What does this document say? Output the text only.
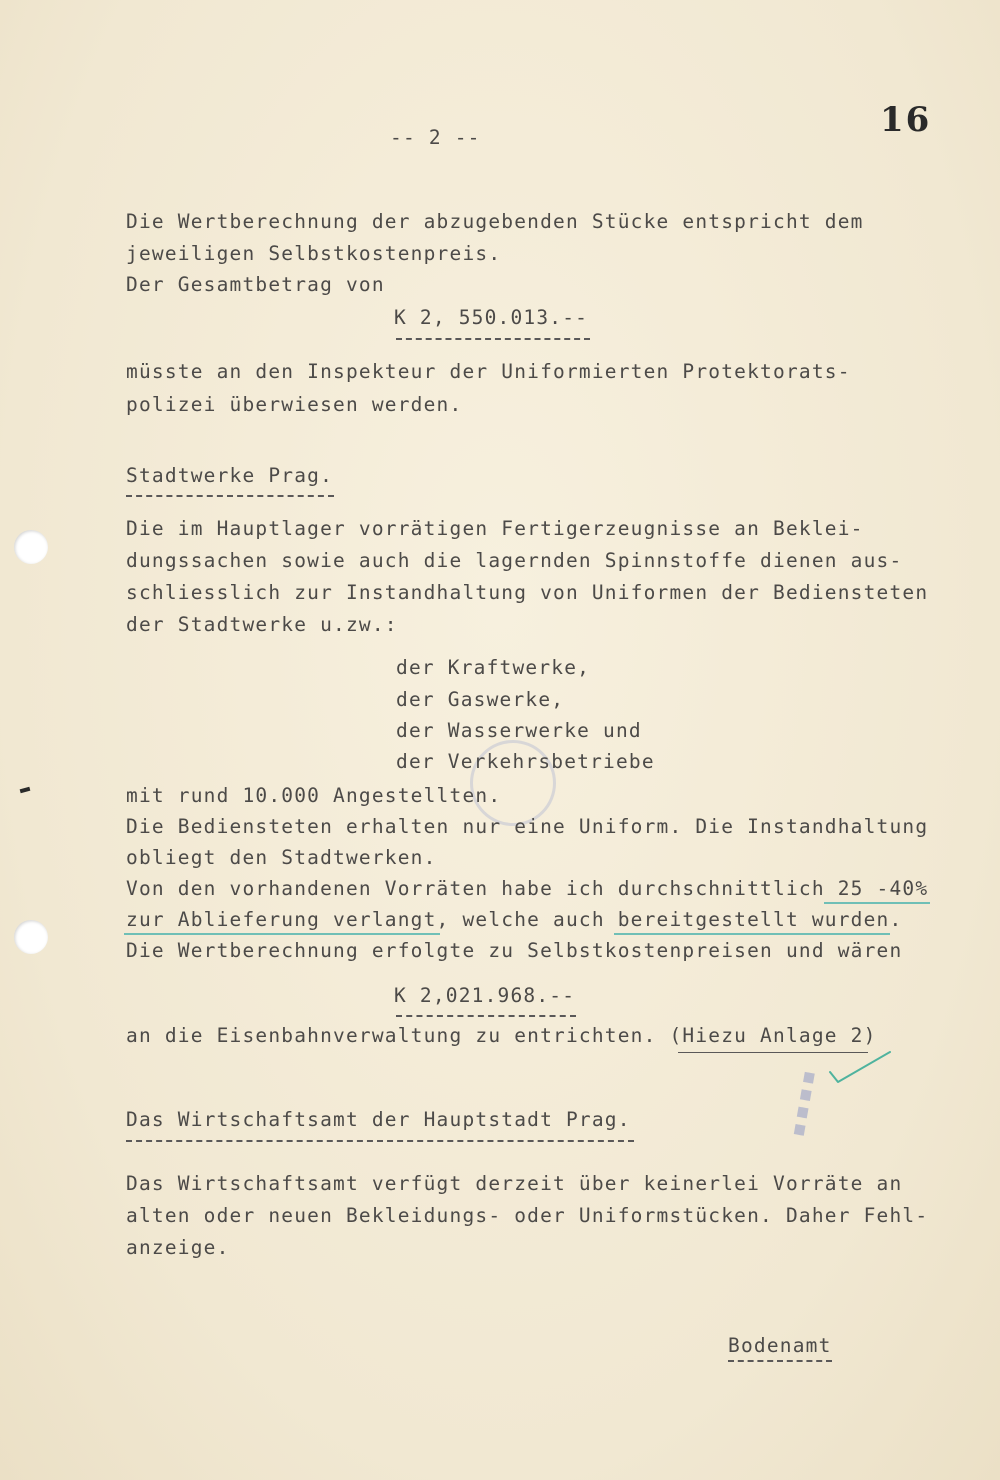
16
-- 2 --
Die Wertberechnung der abzugebenden Stücke entspricht dem
jeweiligen Selbstkostenpreis.
Der Gesamtbetrag von
K 2, 550.013.--
müsste an den Inspekteur der Uniformierten Protektorats-
polizei überwiesen werden.
Stadtwerke Prag.
Die im Hauptlager vorrätigen Fertigerzeugnisse an Beklei-
dungssachen sowie auch die lagernden Spinnstoffe dienen aus-
schliesslich zur Instandhaltung von Uniformen der Bediensteten
der Stadtwerke u.zw.:
der Kraftwerke,
der Gaswerke,
der Wasserwerke und
der Verkehrsbetriebe
mit rund 10.000 Angestellten.
Die Bediensteten erhalten nur eine Uniform. Die Instandhaltung
obliegt den Stadtwerken.
Von den vorhandenen Vorräten habe ich durchschnittlich 25 -40%
zur Ablieferung verlangt, welche auch bereitgestellt wurden.
Die Wertberechnung erfolgte zu Selbstkostenpreisen und wären
K 2,021.968.--
an die Eisenbahnverwaltung zu entrichten. (Hiezu Anlage 2)
▪▪▪▪
Das Wirtschaftsamt der Hauptstadt Prag.
Das Wirtschaftsamt verfügt derzeit über keinerlei Vorräte an
alten oder neuen Bekleidungs- oder Uniformstücken. Daher Fehl-
anzeige.
Bodenamt
